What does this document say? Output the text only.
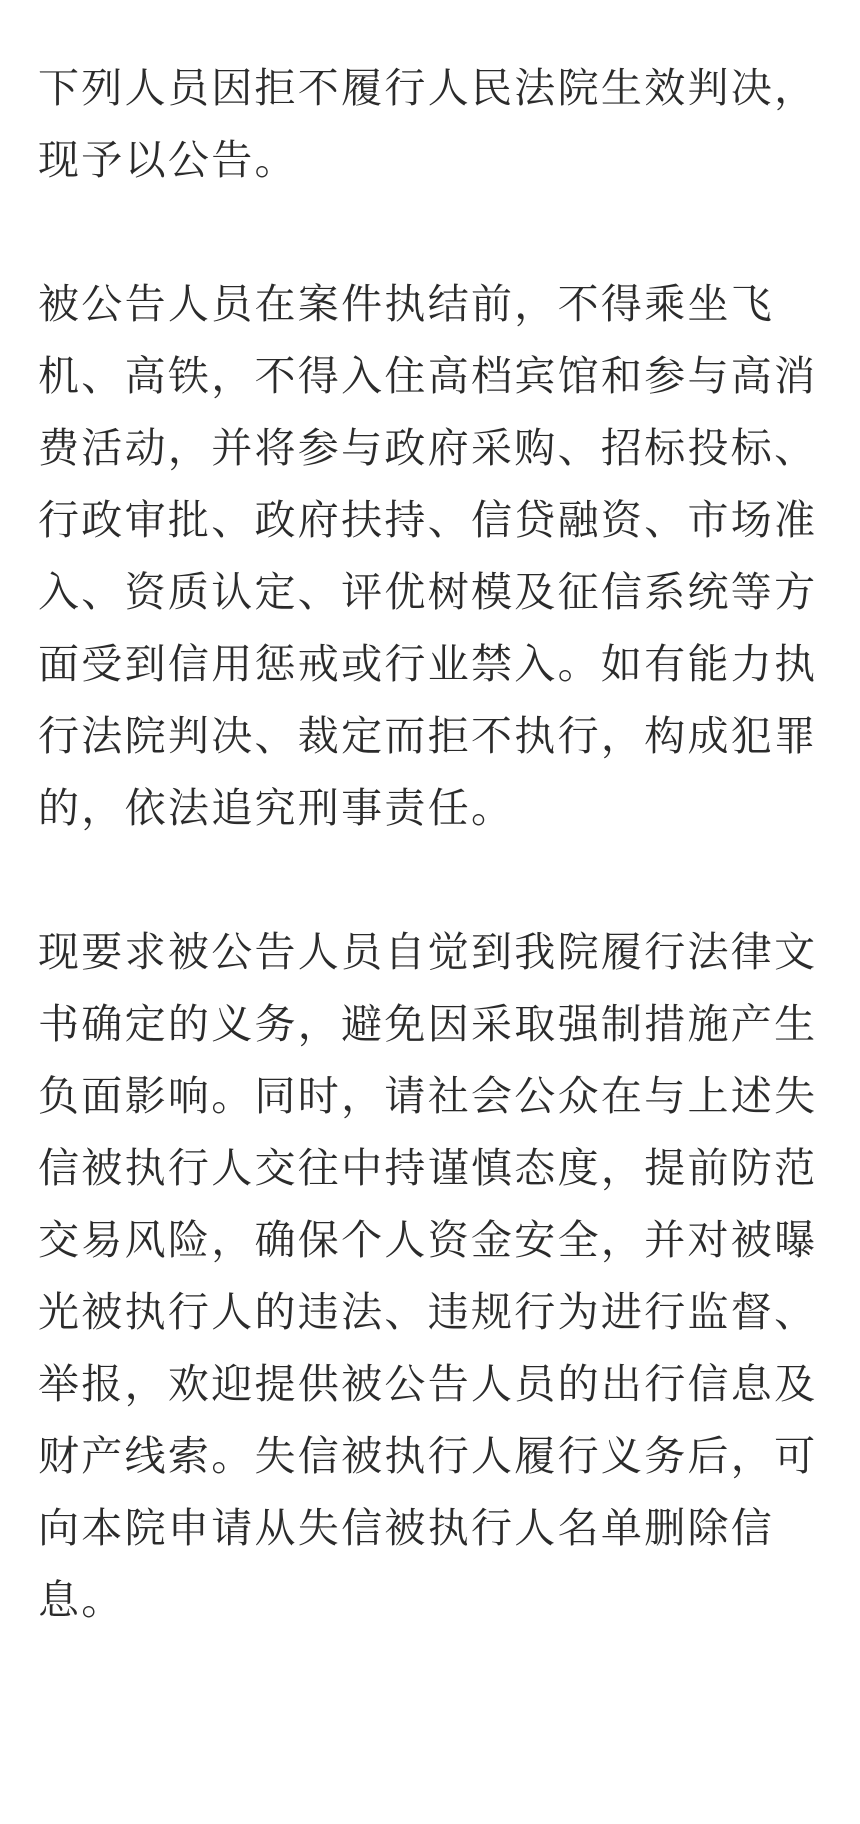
下列人员因拒不履行人民法院生效判决，
现予以公告。
被公告人员在案件执结前，不得乘坐飞
机、高铁，不得入住高档宾馆和参与高消
费活动，并将参与政府采购、招标投标、
行政审批、政府扶持、信贷融资、市场准
入、资质认定、评优树模及征信系统等方
面受到信用惩戒或行业禁入。如有能力执
行法院判决、裁定而拒不执行，构成犯罪
的，依法追究刑事责任。
现要求被公告人员自觉到我院履行法律文
书确定的义务，避免因采取强制措施产生
负面影响。同时，请社会公众在与上述失
信被执行人交往中持谨慎态度，提前防范
交易风险，确保个人资金安全，并对被曝
光被执行人的违法、违规行为进行监督、
举报，欢迎提供被公告人员的出行信息及
财产线索。失信被执行人履行义务后，可
向本院申请从失信被执行人名单删除信
息。
